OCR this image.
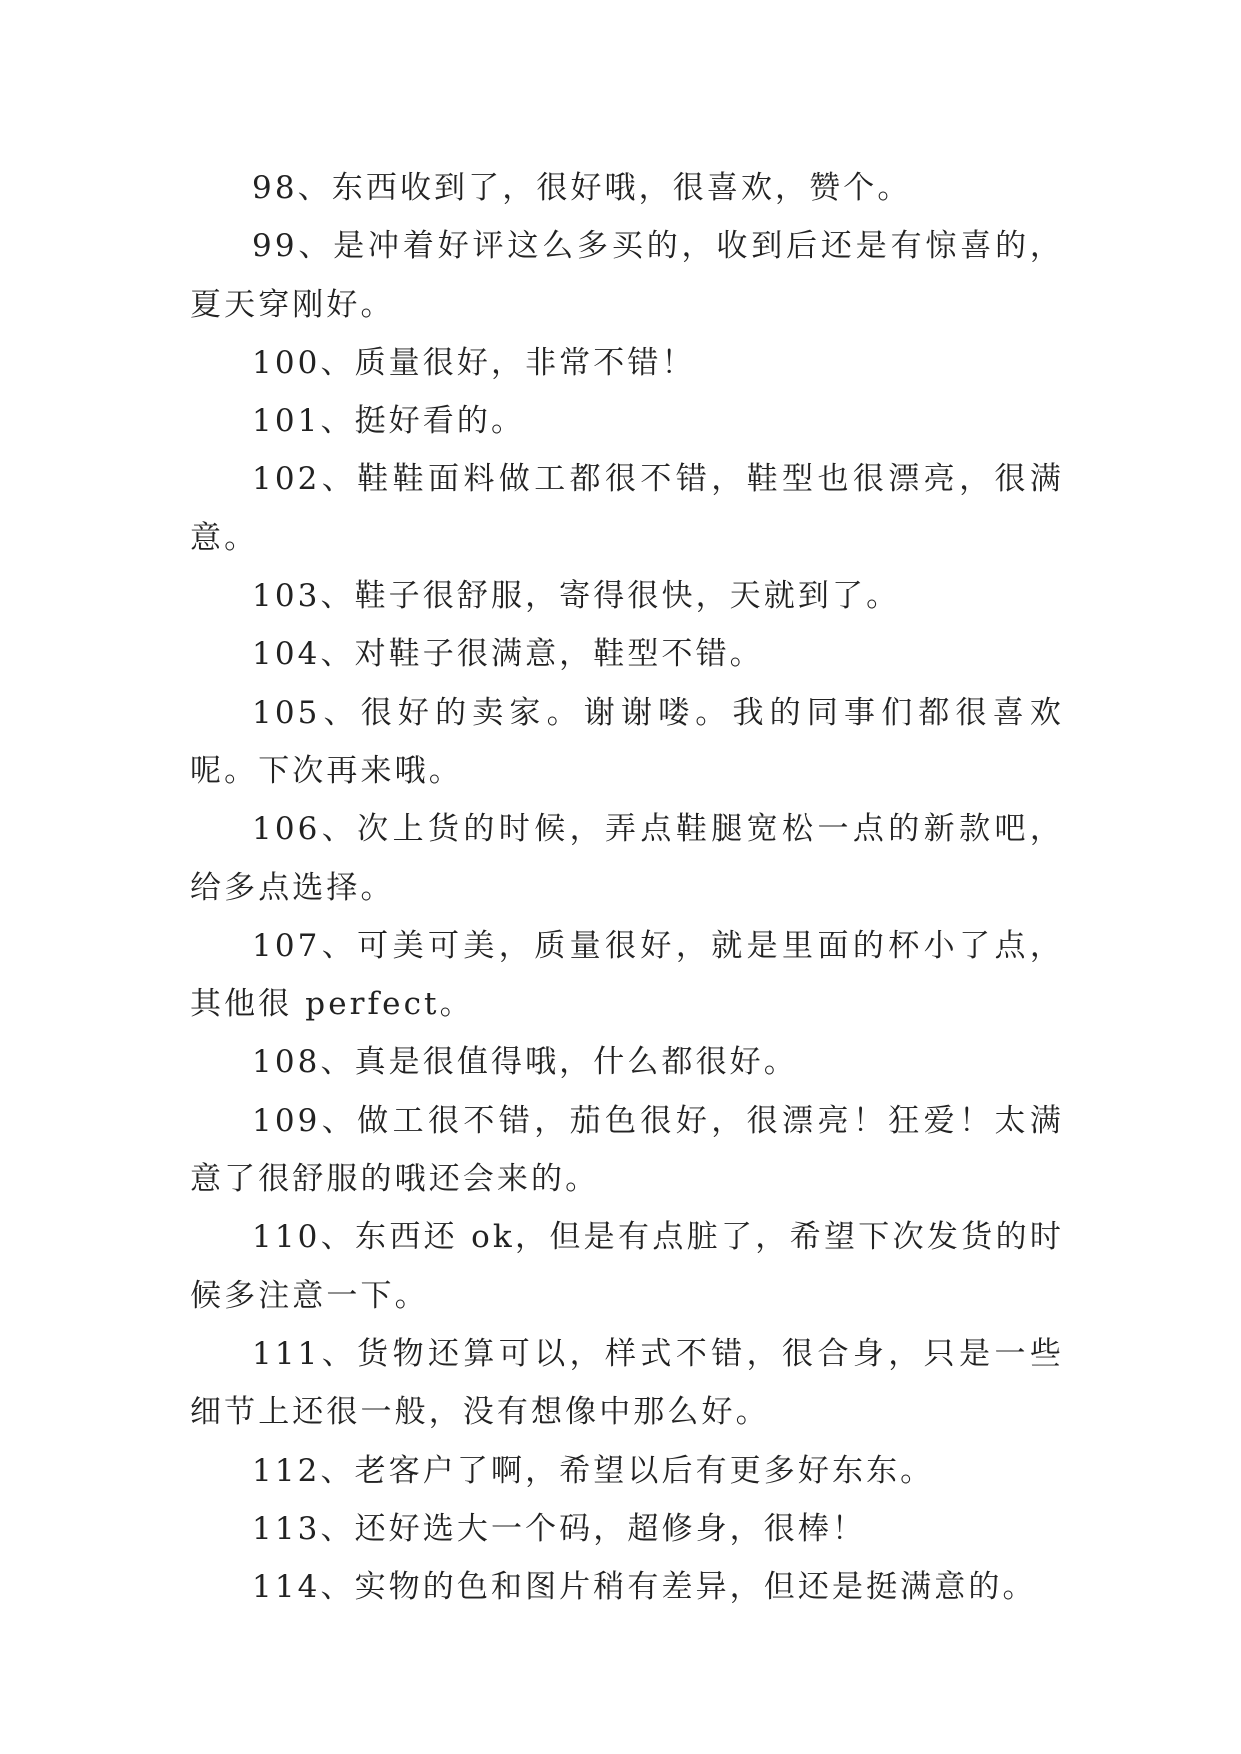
98、东西收到了，很好哦，很喜欢，赞个。

99、是冲着好评这么多买的，收到后还是有惊喜的，夏天穿刚好。

100、质量很好，非常不错！

101、挺好看的。

102、鞋鞋面料做工都很不错，鞋型也很漂亮，很满意。

103、鞋子很舒服，寄得很快，天就到了。

104、对鞋子很满意，鞋型不错。

105、很好的卖家。谢谢喽。我的同事们都很喜欢呢。下次再来哦。

106、次上货的时候，弄点鞋腿宽松一点的新款吧，给多点选择。

107、可美可美，质量很好，就是里面的杯小了点，其他很 perfect。

108、真是很值得哦，什么都很好。

109、做工很不错，茄色很好，很漂亮！狂爱！太满意了很舒服的哦还会来的。

110、东西还 ok，但是有点脏了，希望下次发货的时候多注意一下。

111、货物还算可以，样式不错，很合身，只是一些细节上还很一般，没有想像中那么好。

112、老客户了啊，希望以后有更多好东东。

113、还好选大一个码，超修身，很棒！

114、实物的色和图片稍有差异，但还是挺满意的。
